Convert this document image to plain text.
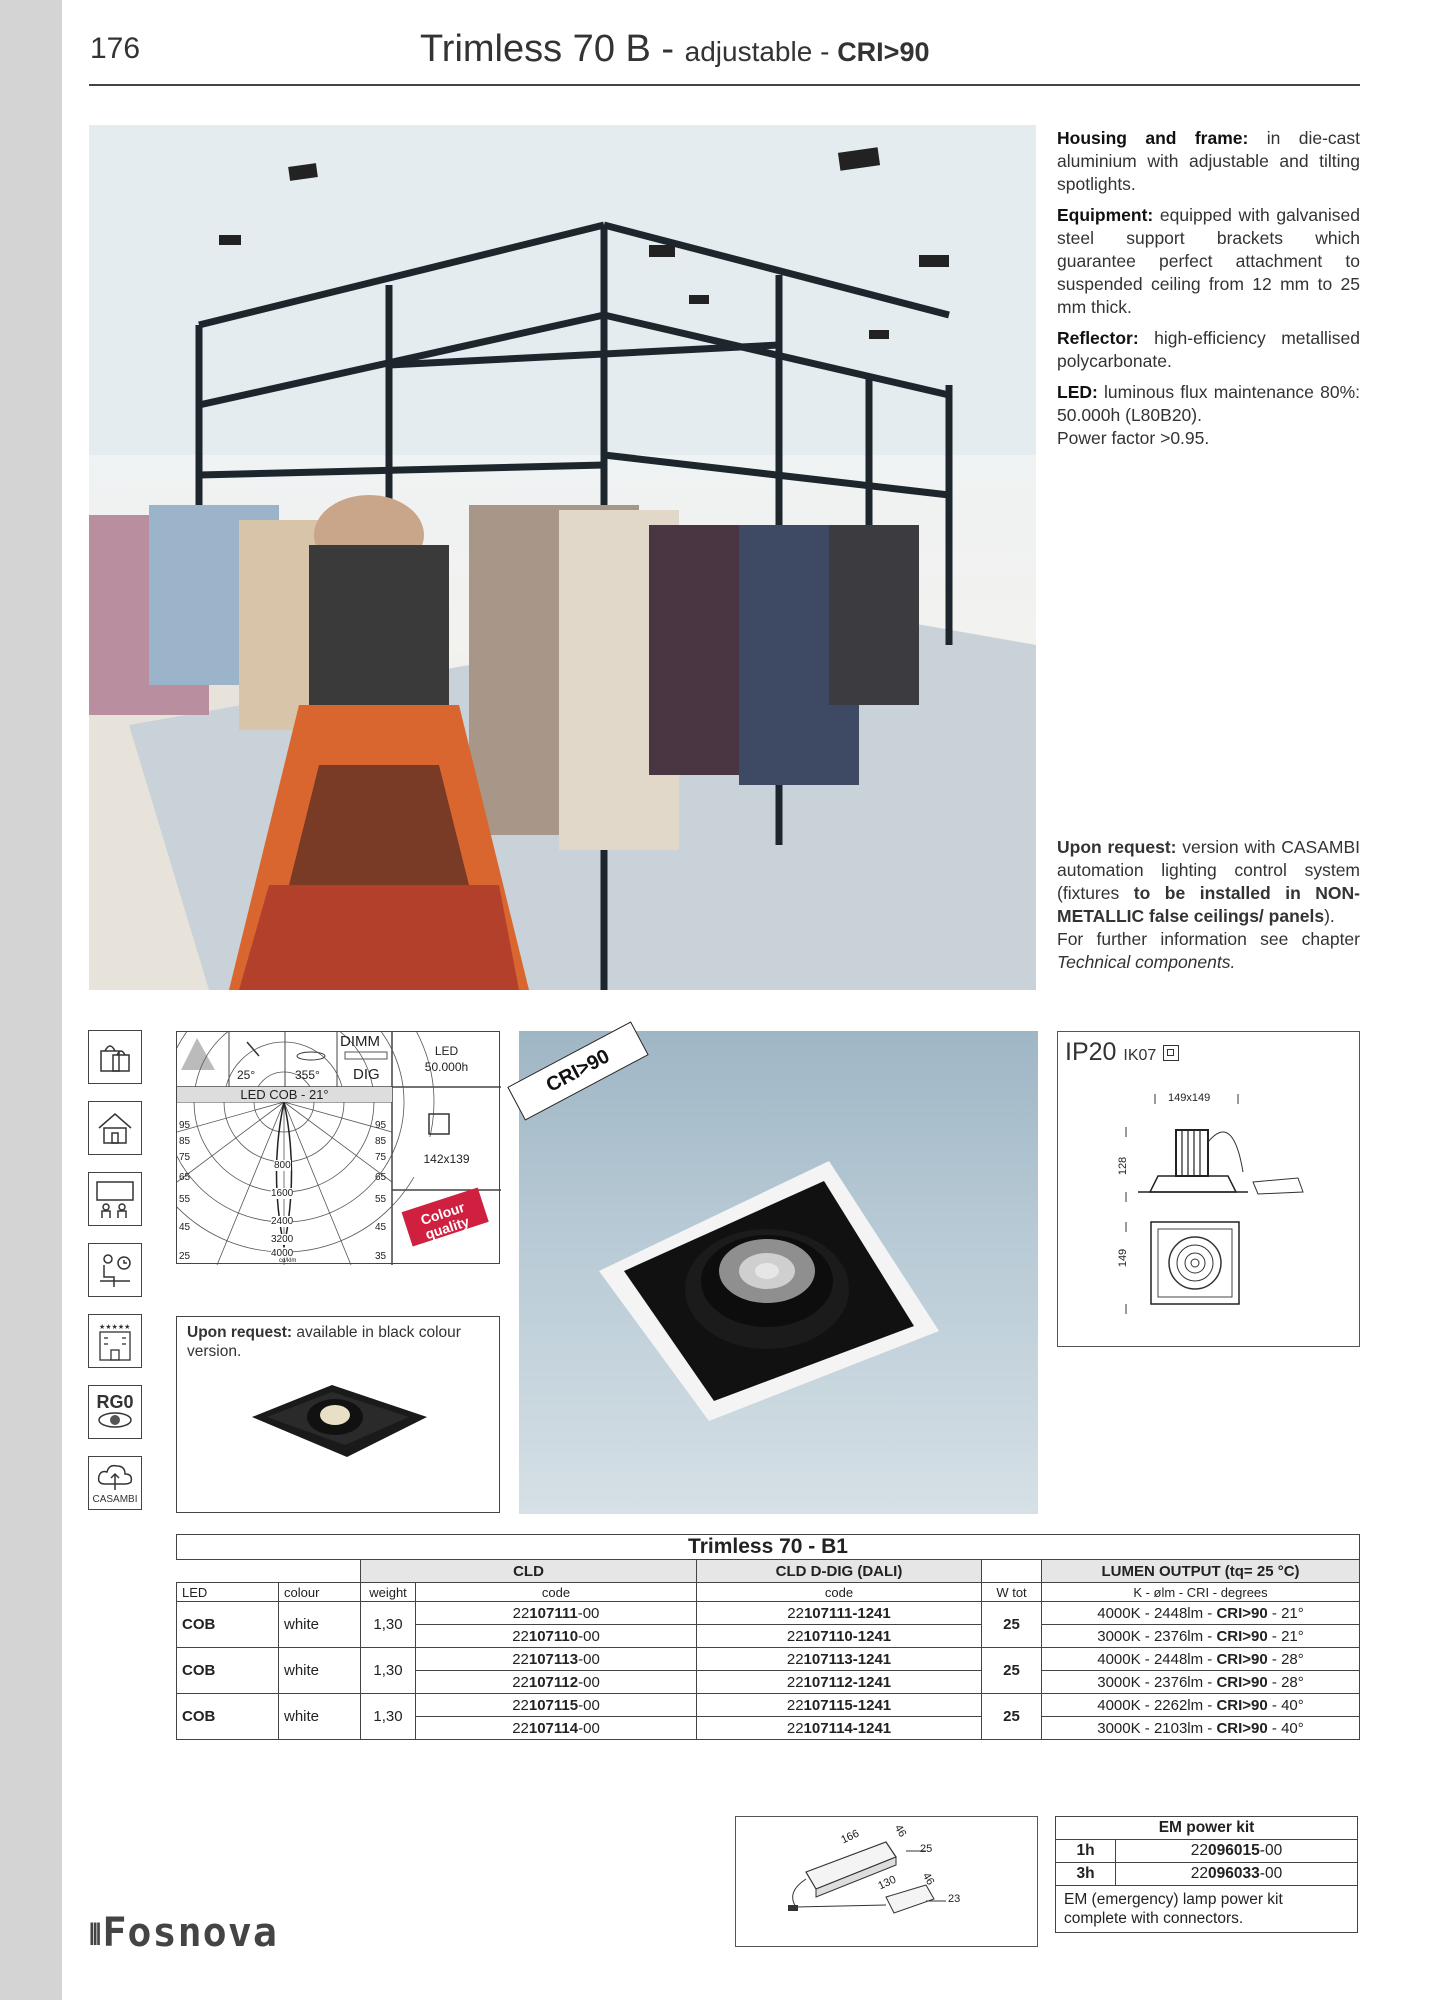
176	Trimless 70 B - adjustable - CRI>90

Housing and frame: in die-cast aluminium with adjustable and tilting spotlights.

Equipment: equipped with galvanised steel support brackets which guarantee perfect attachment to suspended ceiling from 12 mm to 25 mm thick.

Reflector: high-efficiency metallised polycarbonate.

LED: luminous flux maintenance 80%: 50.000h (L80B20).
Power factor >0.95.

Upon request: version with CASAMBI automation lighting control system (fixtures to be installed in NON-METALLIC false ceilings/ panels).
For further information see chapter Technical components.
★★★★★
RG0
CASAMBI
25°	355°
DIMM
DIG
LED
50.000h
142x139
LED COB - 21°
95
85
75
65
55
45
25
95
85
75
65
55
45
35
800
1600
2400
3200
4000
cd/klm
Colour quality
Upon request: available in black colour version.
CRI>90	IP20 IK07
149x149
128
149
Trimless 70 - B1						
		CLD		CLD D-DIG (DALI)		LUMEN OUTPUT (tq= 25 °C)
LED	colour	weight	code	code	W tot	K - ølm - CRI - degrees
COB	white	1,30	22107111-00	22107111-1241	25	4000K - 2448lm - CRI>90 - 21°
			22107110-00	22107110-1241		3000K - 2376lm - CRI>90 - 21°
COB	white	1,30	22107113-00	22107113-1241	25	4000K - 2448lm - CRI>90 - 28°
			22107112-00	22107112-1241		3000K - 2376lm - CRI>90 - 28°
COB	white	1,30	22107115-00	22107115-1241	25	4000K - 2262lm - CRI>90 - 40°
			22107114-00	22107114-1241		3000K - 2103lm - CRI>90 - 40°
166	46
25
130 46
23
EM power kit	
1h	22096015-00
3h	22096033-00
EM (emergency) lamp power kit complete with connectors.	
⦀Fosnova
